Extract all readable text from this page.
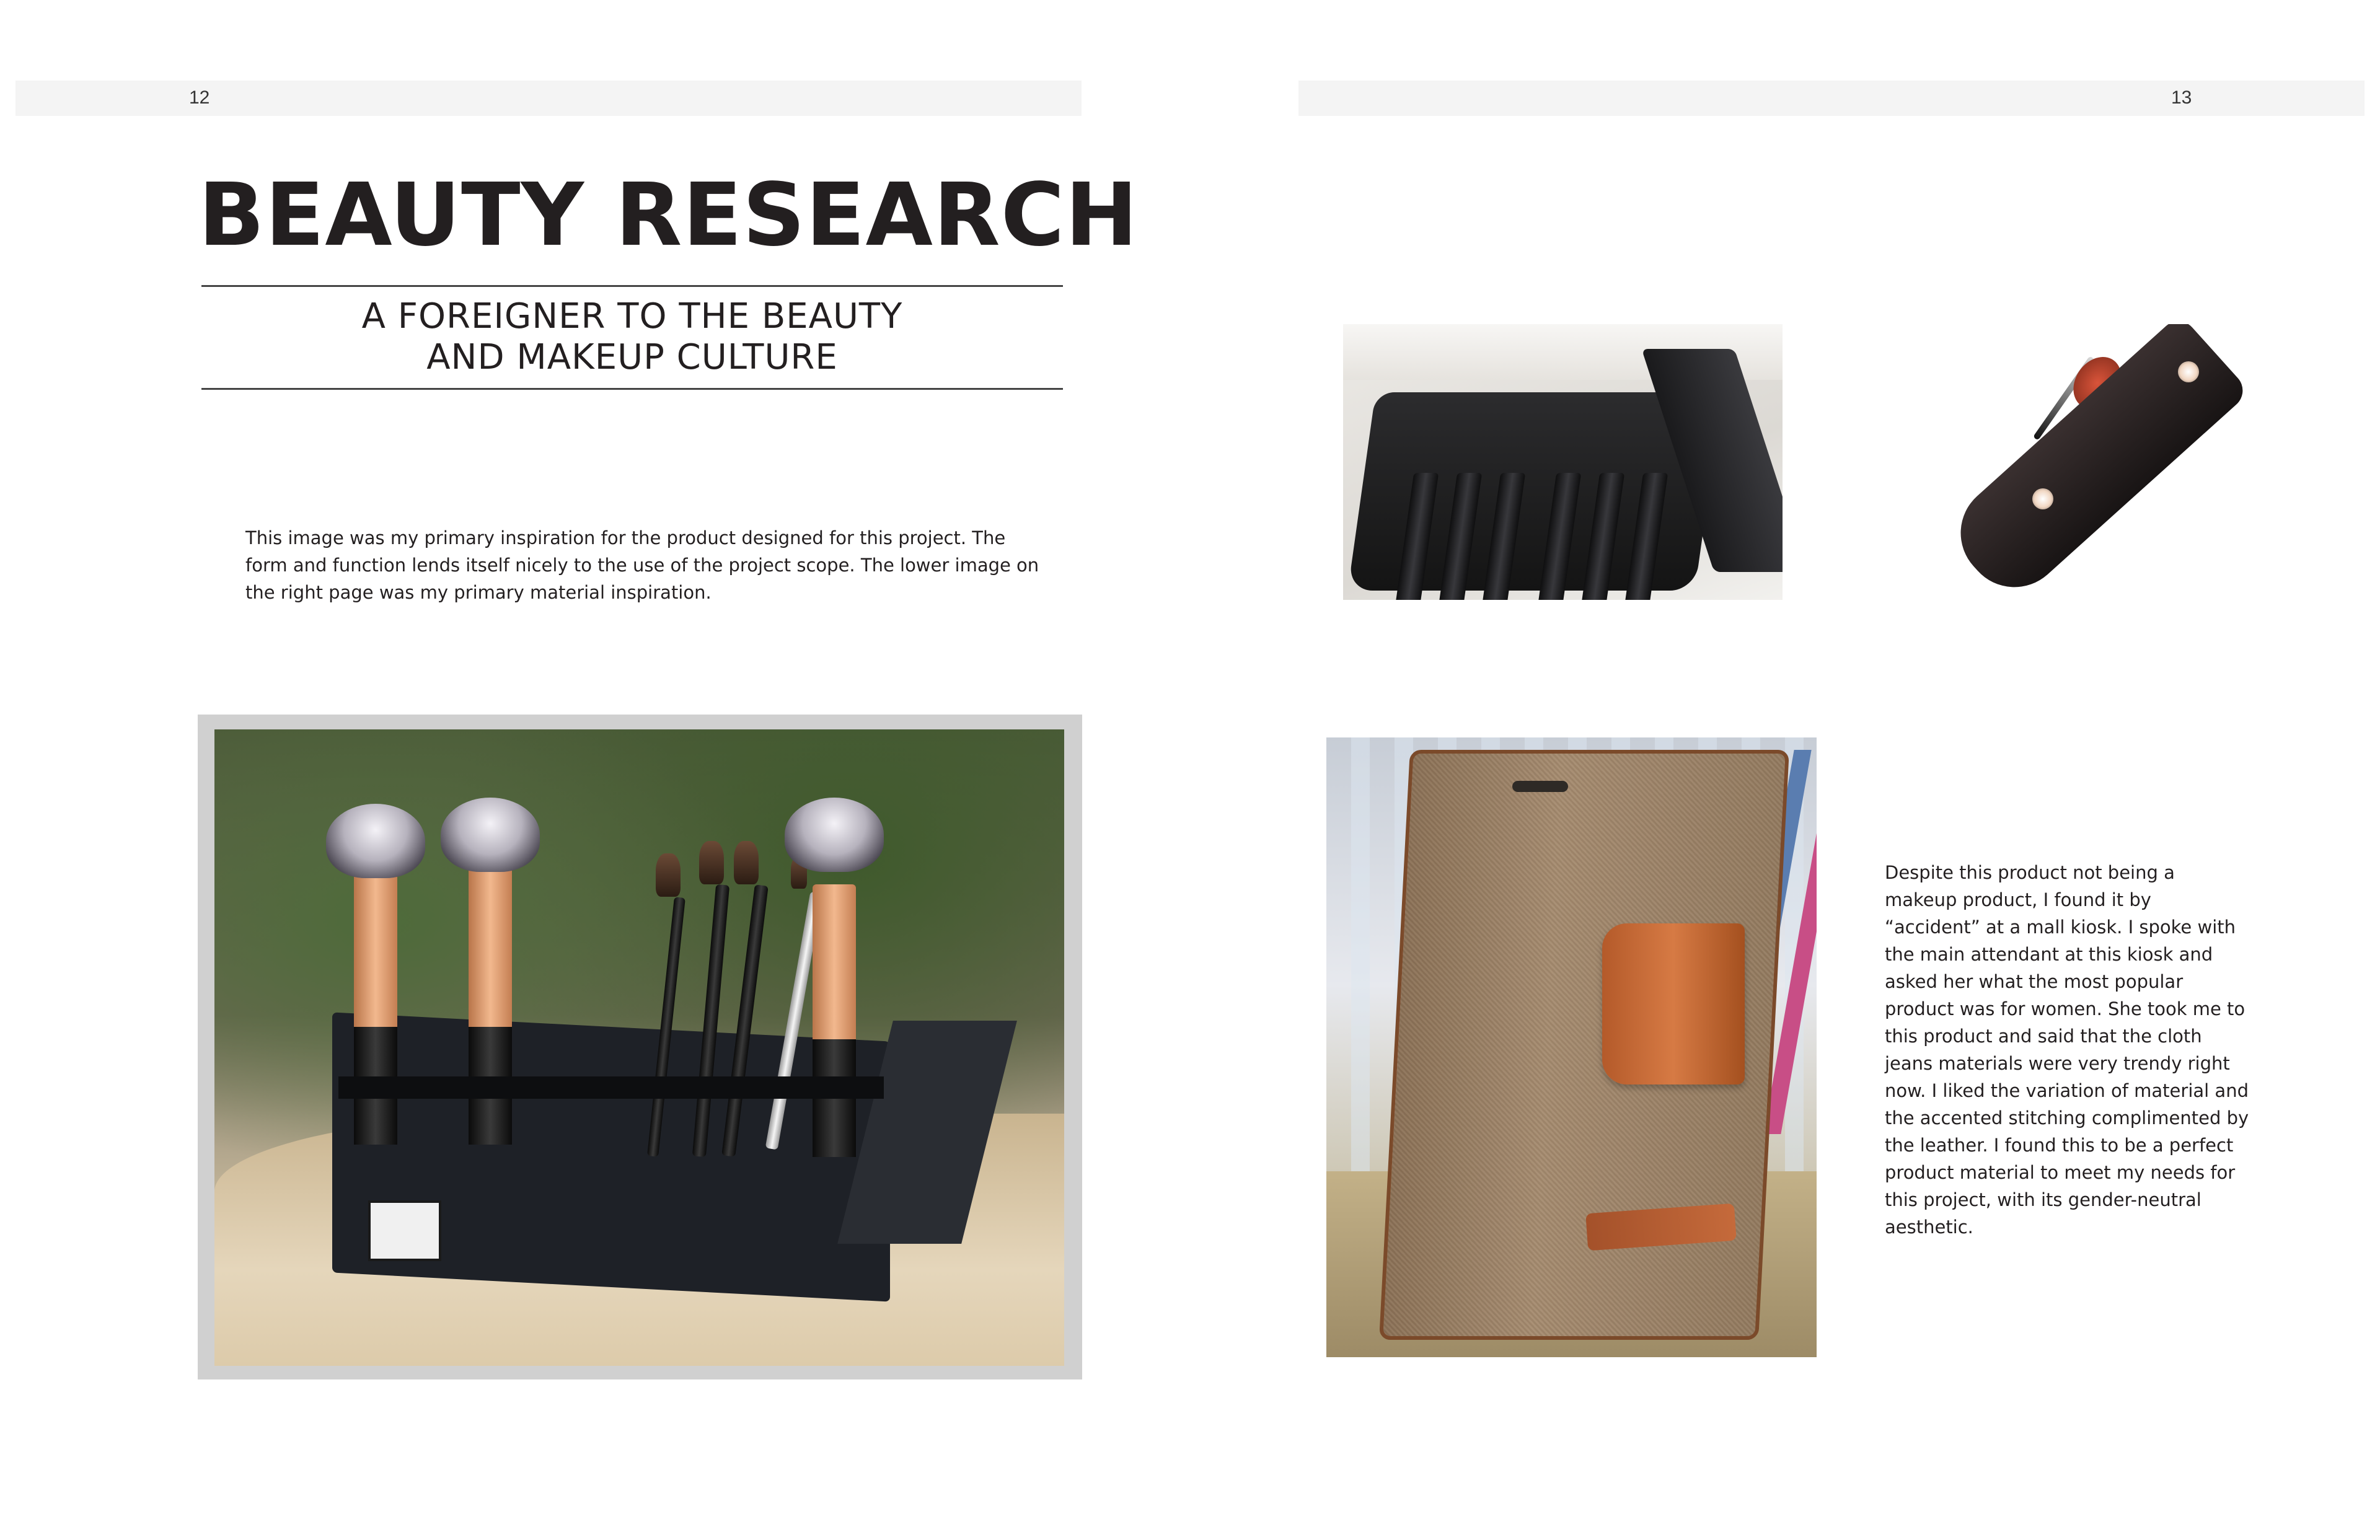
12	13
BEAUTY RESEARCH
A FOREIGNER TO THE BEAUTY
AND MAKEUP CULTURE
This image was my primary inspiration for the product designed for this project. The form and function lends itself nicely to the use of the project scope. The lower image on the right page was my primary material inspiration.
Despite this product not being a makeup product, I found it by “accident” at a mall kiosk. I spoke with the main attendant at this kiosk and asked her what the most popular product was for women. She took me to this product and said that the cloth jeans materials were very trendy right now. I liked the variation of material and the accented stitching complimented by the leather. I found this to be a perfect product material to meet my needs for this project, with its gender-neutral aesthetic.
